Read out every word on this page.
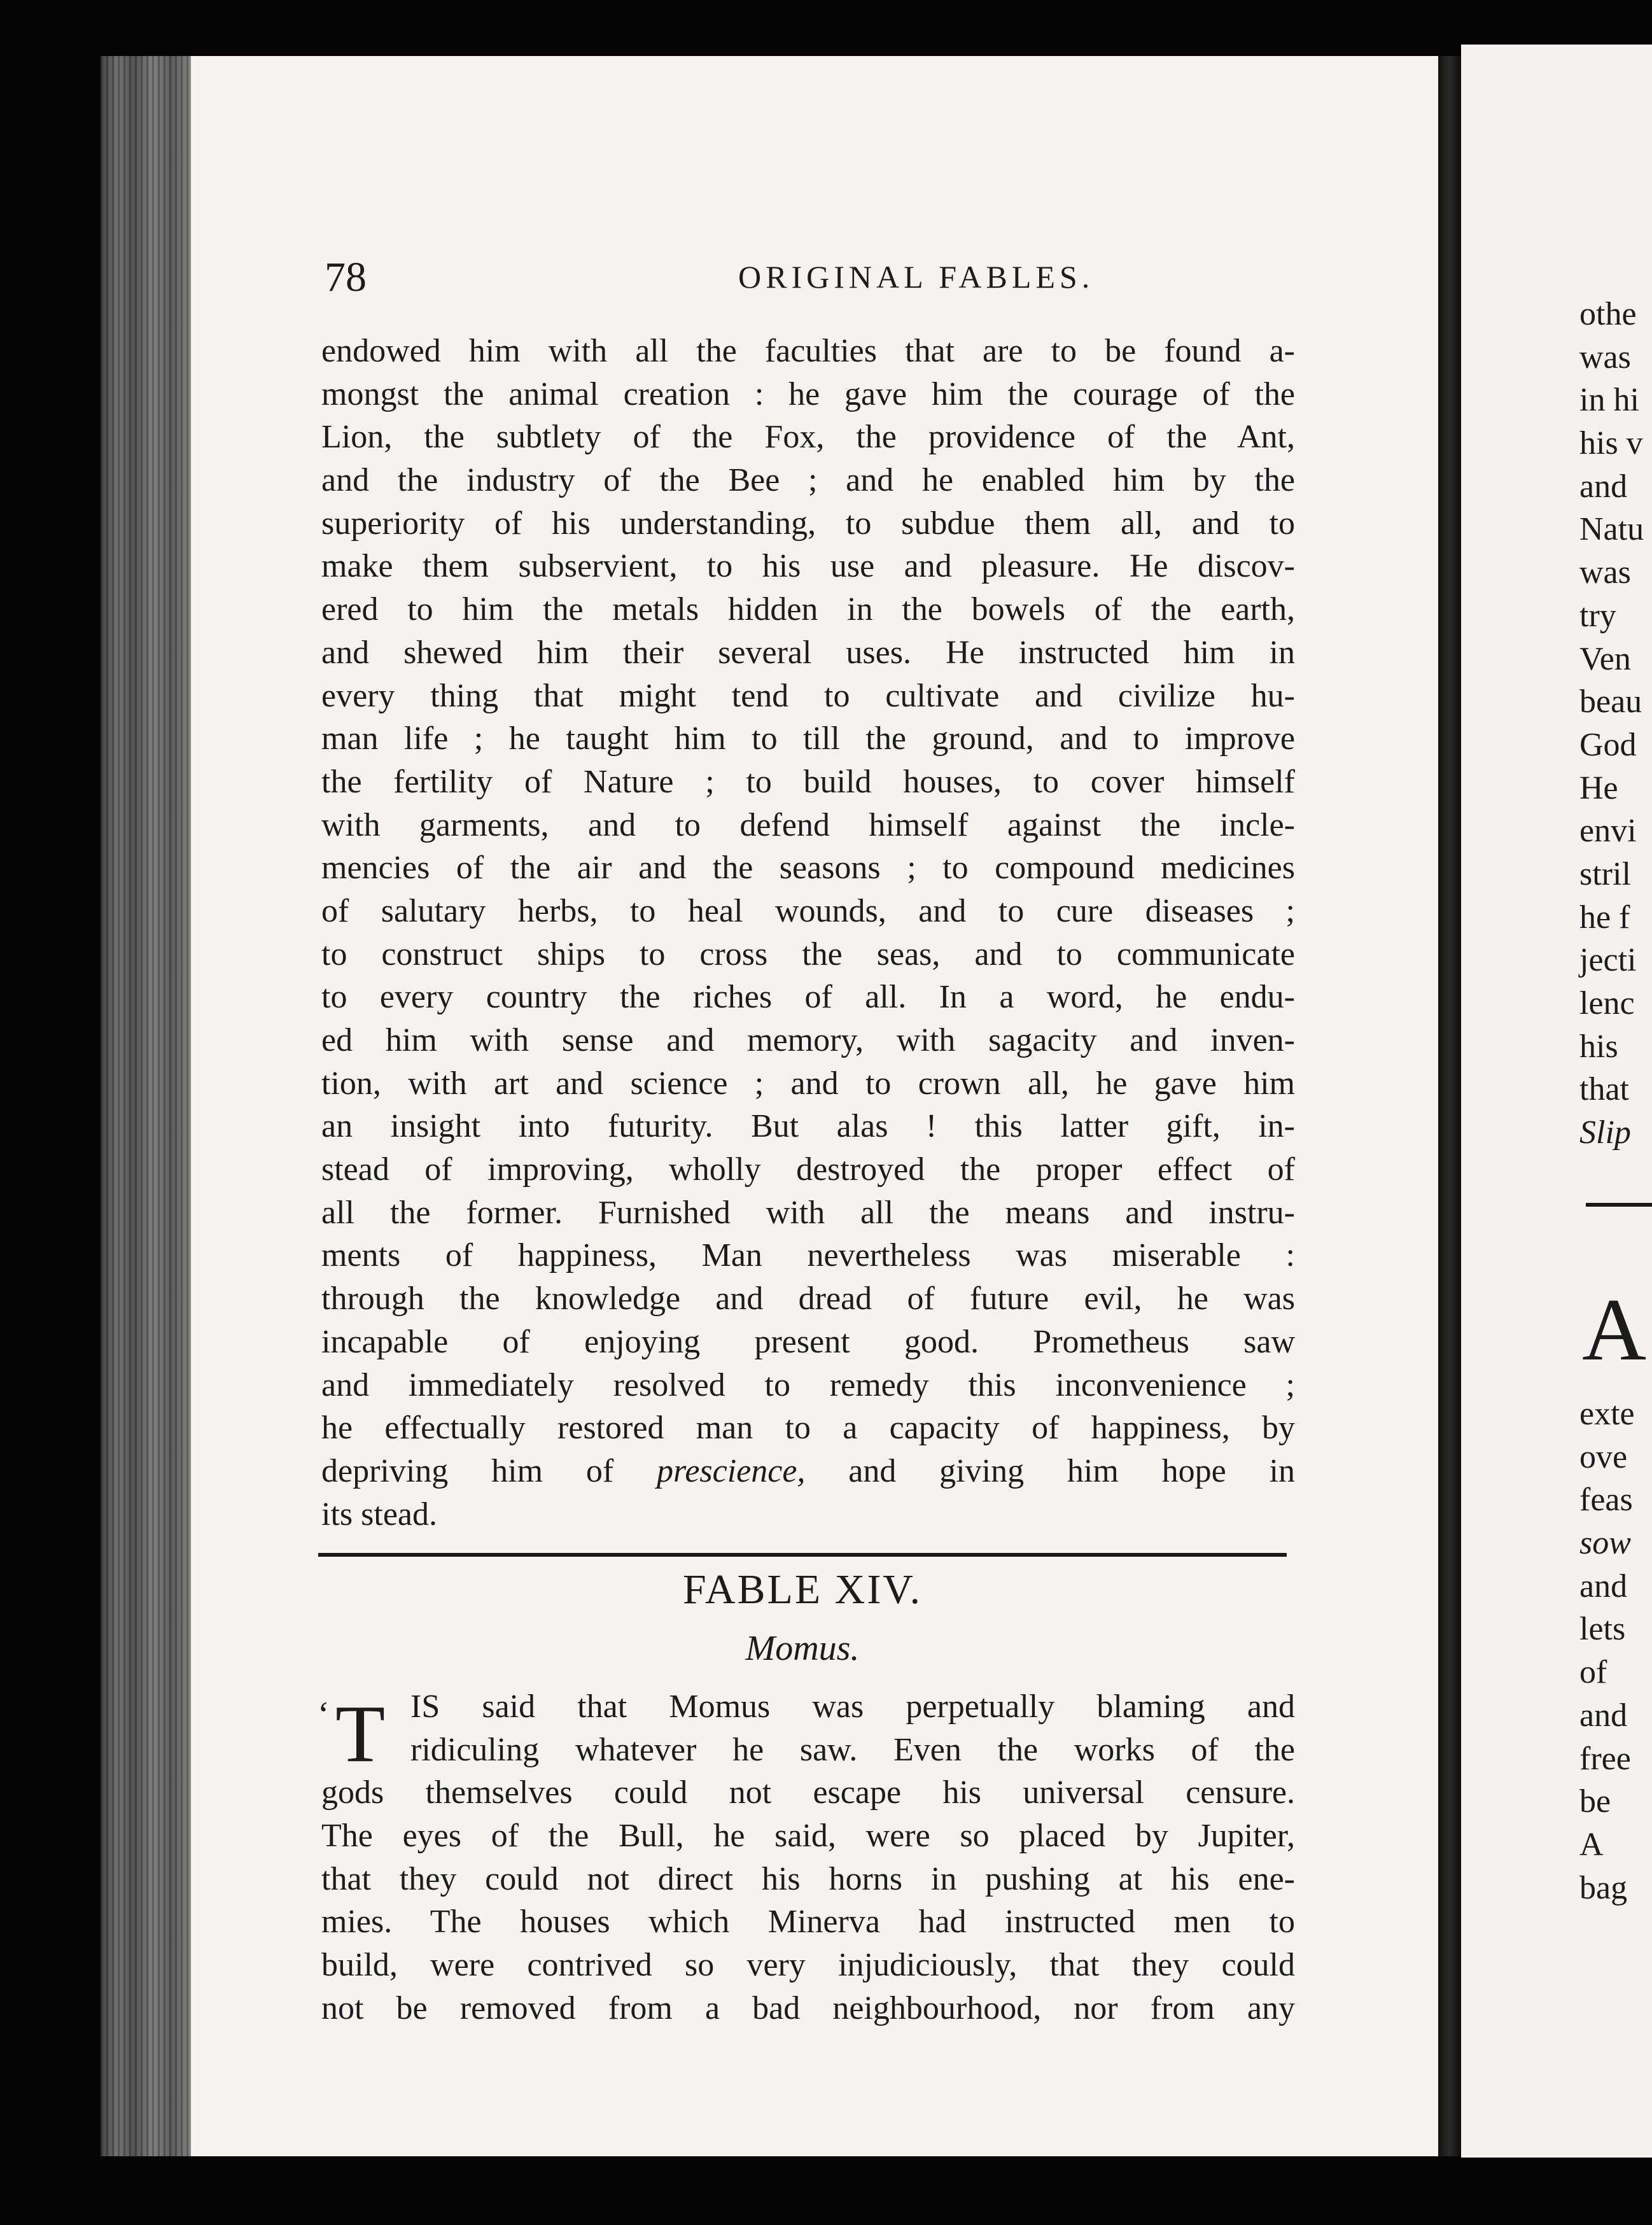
78	ORIGINAL FABLES.
endowed him with all the faculties that are to be found a-
mongst the animal creation : he gave him the courage of the
Lion, the subtlety of the Fox, the providence of the Ant,
and the industry of the Bee ; and he enabled him by the
superiority of his understanding, to subdue them all, and to
make them subservient, to his use and pleasure. He discov-
ered to him the metals hidden in the bowels of the earth,
and shewed him their several uses. He instructed him in
every thing that might tend to cultivate and civilize hu-
man life ; he taught him to till the ground, and to improve
the fertility of Nature ; to build houses, to cover himself
with garments, and to defend himself against the incle-
mencies of the air and the seasons ; to compound medicines
of salutary herbs, to heal wounds, and to cure diseases ;
to construct ships to cross the seas, and to communicate
to every country the riches of all. In a word, he endu-
ed him with sense and memory, with sagacity and inven-
tion, with art and science ; and to crown all, he gave him
an insight into futurity. But alas ! this latter gift, in-
stead of improving, wholly destroyed the proper effect of
all the former. Furnished with all the means and instru-
ments of happiness, Man nevertheless was miserable :
through the knowledge and dread of future evil, he was
incapable of enjoying present good. Prometheus saw
and immediately resolved to remedy this inconvenience ;
he effectually restored man to a capacity of happiness, by
depriving him of prescience, and giving him hope in
its stead.
FABLE XIV.
Momus.
‘ T IS said that Momus was perpetually blaming and
ridiculing whatever he saw. Even the works of the
gods themselves could not escape his universal censure.
The eyes of the Bull, he said, were so placed by Jupiter,
that they could not direct his horns in pushing at his ene-
mies. The houses which Minerva had instructed men to
build, were contrived so very injudiciously, that they could
not be removed from a bad neighbourhood, nor from any
othe
was
in hi
his v
and
Natu
was
try
Ven
beau
God
He
envi
stril
he f
jecti
lenc
his
that
Slip
A
exte
ove
feas
sow
and
lets
of
and
free
be
A
bag
